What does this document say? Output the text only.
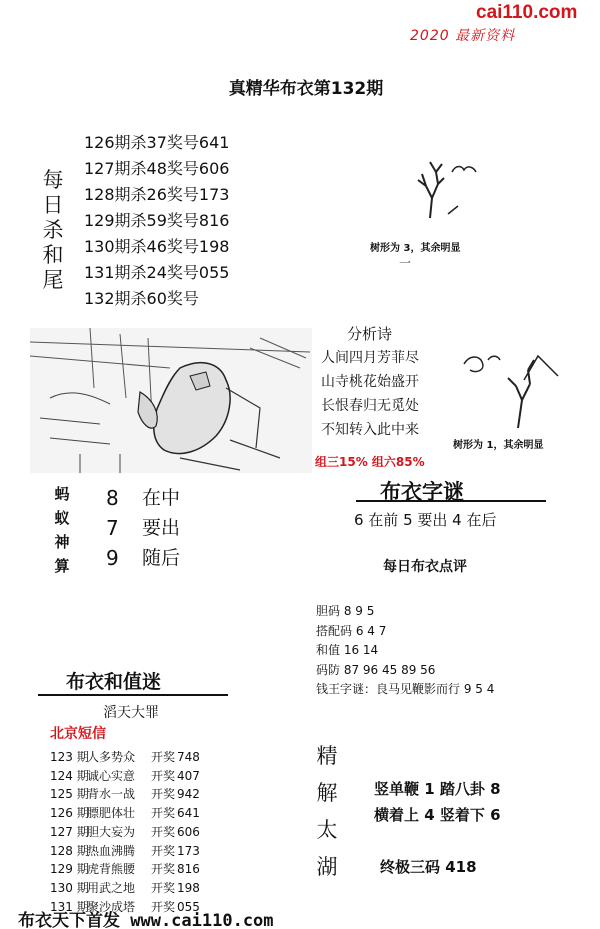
cai110.com
2020 最新资料
真精华布衣第132期
每日杀和尾
126期杀37奖号641
127期杀48奖号606
128期杀26奖号173
129期杀59奖号816
130期杀46奖号198
131期杀24奖号055
132期杀60奖号
树形为 3，其余明显
一
分析诗
人间四月芳菲尽
山寺桃花始盛开
长恨春归无觅处
不知转入此中来
组三15% 组六85%
树形为 1，其余明显
蚂蚁神算
8
7
9
在中
要出
随后
布衣字谜
6 在前 5 要出 4 在后
每日布衣点评
胆码 8 9 5
搭配码 6 4 7
和值 16 14
码防 87 96 45 89 56
钱王字谜：良马见鞭影而行 9 5 4
布衣和值迷
滔天大罪
北京短信
123 期人多势众 开奖 748
124 期诚心实意 开奖 407
125 期背水一战 开奖 942
126 期膘肥体壮 开奖 641
127 期胆大妄为 开奖 606
128 期热血沸腾 开奖 173
129 期虎背熊腰 开奖 816
130 期用武之地 开奖 198
131 期聚沙成塔 开奖 055
精解太湖
竖单鞭 1 踏八卦 8
横着上 4 竖着下 6
终极三码 418
布衣天下首发 www.cai110.com
